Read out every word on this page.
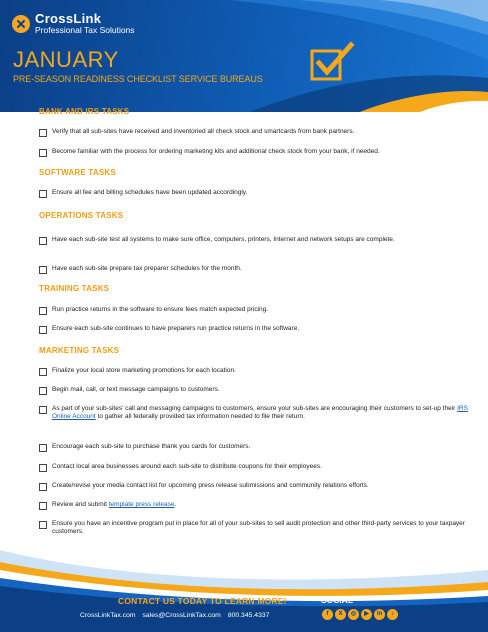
CrossLink
Professional Tax Solutions
JANUARY
PRE-SEASON READINESS CHECKLIST SERVICE BUREAUS
BANK AND IRS TASKS
Verify that all sub-sites have received and inventoried all check stock and smartcards from bank partners.
Become familiar with the process for ordering marketing kits and additional check stock from your bank, if needed.
SOFTWARE TASKS
Ensure all fee and billing schedules have been updated accordingly.
OPERATIONS TASKS
Have each sub-site test all systems to make sure office, computers, printers, Internet and network setups are complete.
Have each sub-site prepare tax preparer schedules for the month.
TRAINING TASKS
Run practice returns in the software to ensure fees match expected pricing.
Ensure each sub-site continues to have preparers run practice returns in the software.
MARKETING TASKS
Finalize your local store marketing promotions for each location.
Begin mail, call, or text message campaigns to customers.
As part of your sub-sites’ call and messaging campaigns to customers, ensure your sub-sites are encouraging their customers to set-up their IRS Online Account to gather all federally provided tax information needed to file their return.
Encourage each sub-site to purchase thank you cards for customers.
Contact local area businesses around each sub-site to distribute coupons for their employees.
Create/revise your media contact list for upcoming press release submissions and community relations efforts.
Review and submit template press release.
Ensure you have an incentive program put in place for all of your sub-sites to sell audit protection and other third-party services to your taxpayer customers.
CONTACT US TODAY TO LEARN MORE!
CrossLinkTax.com sales@CrossLinkTax.com 800.345.4337
SOCIAL
f	X	◎	▶	in	♪
